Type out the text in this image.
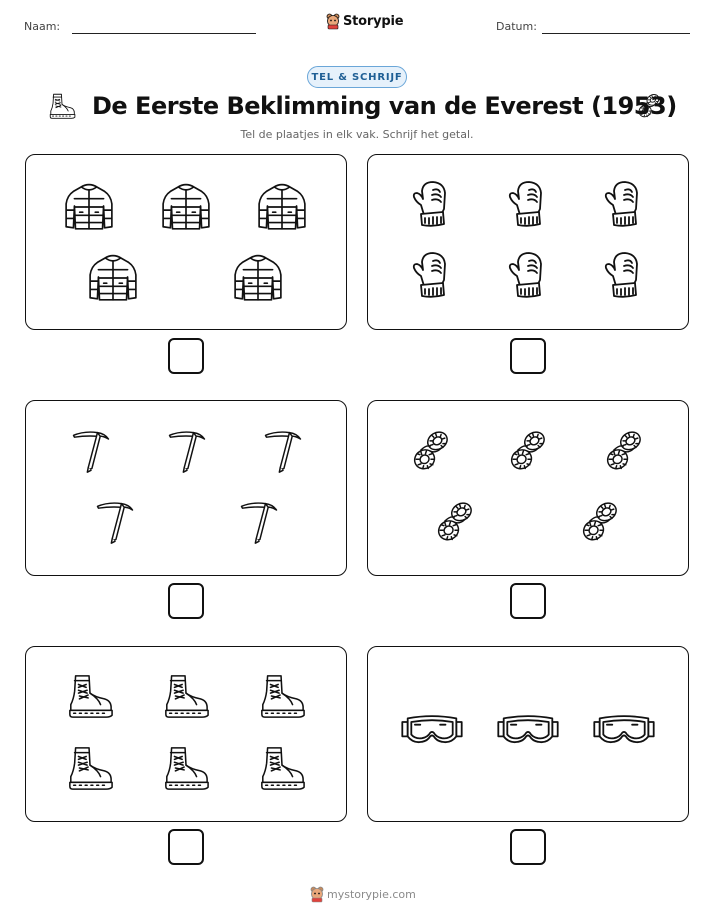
Naam:	Storypie	Datum:
TEL & SCHRIJF
De Eerste Beklimming van de Everest (1953)
Tel de plaatjes in elk vak. Schrijf het getal.
mystorypie.com
